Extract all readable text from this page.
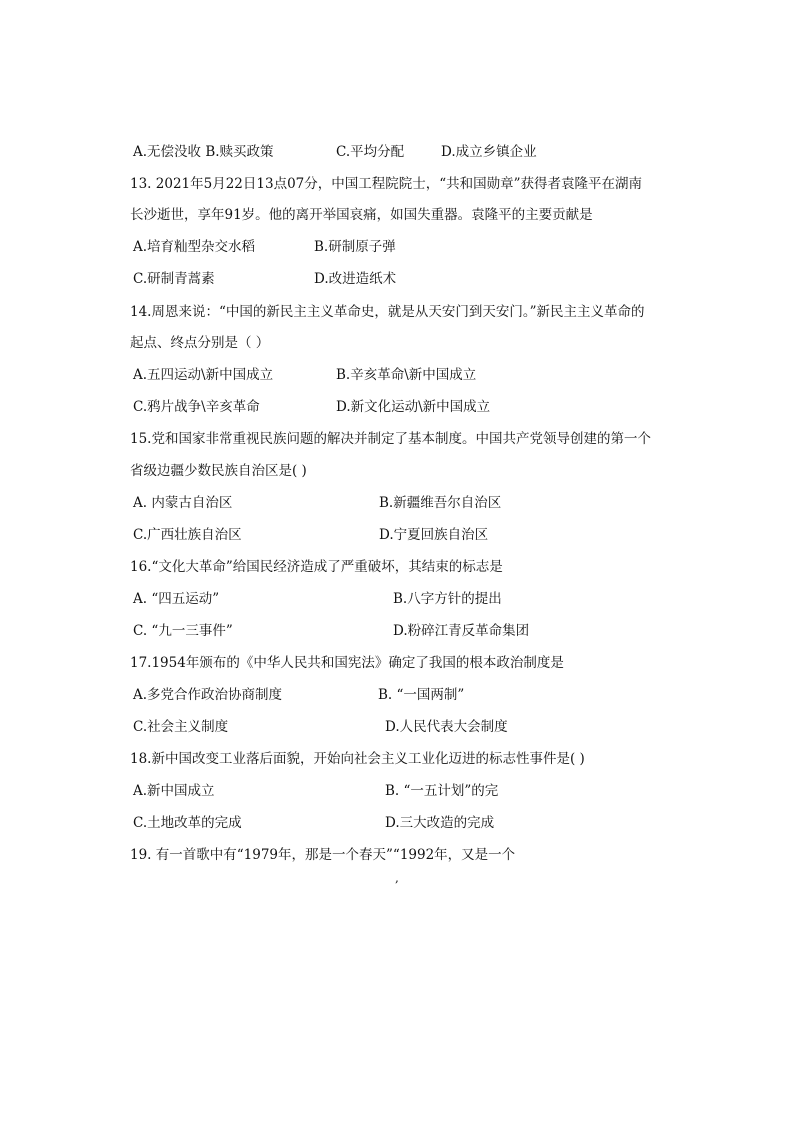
A.无偿没收 B.赎买政策	C.平均分配	D.成立乡镇企业
13. 2021年5月22日13点07分，中国工程院院士，“共和国勋章”获得者袁隆平在湖南
长沙逝世，享年91岁。他的离开举国哀痛，如国失重器。袁隆平的主要贡献是
A.培育籼型杂交水稻	B.研制原子弹
C.研制青蒿素	D.改进造纸术
14.周恩来说：“中国的新民主主义革命史，就是从天安门到天安门。”新民主主义革命的
起点、终点分别是（ ）
A.五四运动\新中国成立	B.辛亥革命\新中国成立
C.鸦片战争\辛亥革命	D.新文化运动\新中国成立
15.党和国家非常重视民族问题的解决并制定了基本制度。中国共产党领导创建的第一个
省级边疆少数民族自治区是( )
A. 内蒙古自治区	B.新疆维吾尔自治区
C.广西壮族自治区	D.宁夏回族自治区
16.“文化大革命”给国民经济造成了严重破坏，其结束的标志是
A. “四五运动”	B.八字方针的提出
C. “九一三事件”	D.粉碎江青反革命集团
17.1954年颁布的《中华人民共和国宪法》确定了我国的根本政治制度是
A.多党合作政治协商制度	B. “一国两制”
C.社会主义制度	D.人民代表大会制度
18.新中国改变工业落后面貌，开始向社会主义工业化迈进的标志性事件是( )
A.新中国成立	B. “一五计划”的完
C.土地改革的完成	D.三大改造的完成
19. 有一首歌中有“1979年，那是一个春天”“1992年，又是一个
,
